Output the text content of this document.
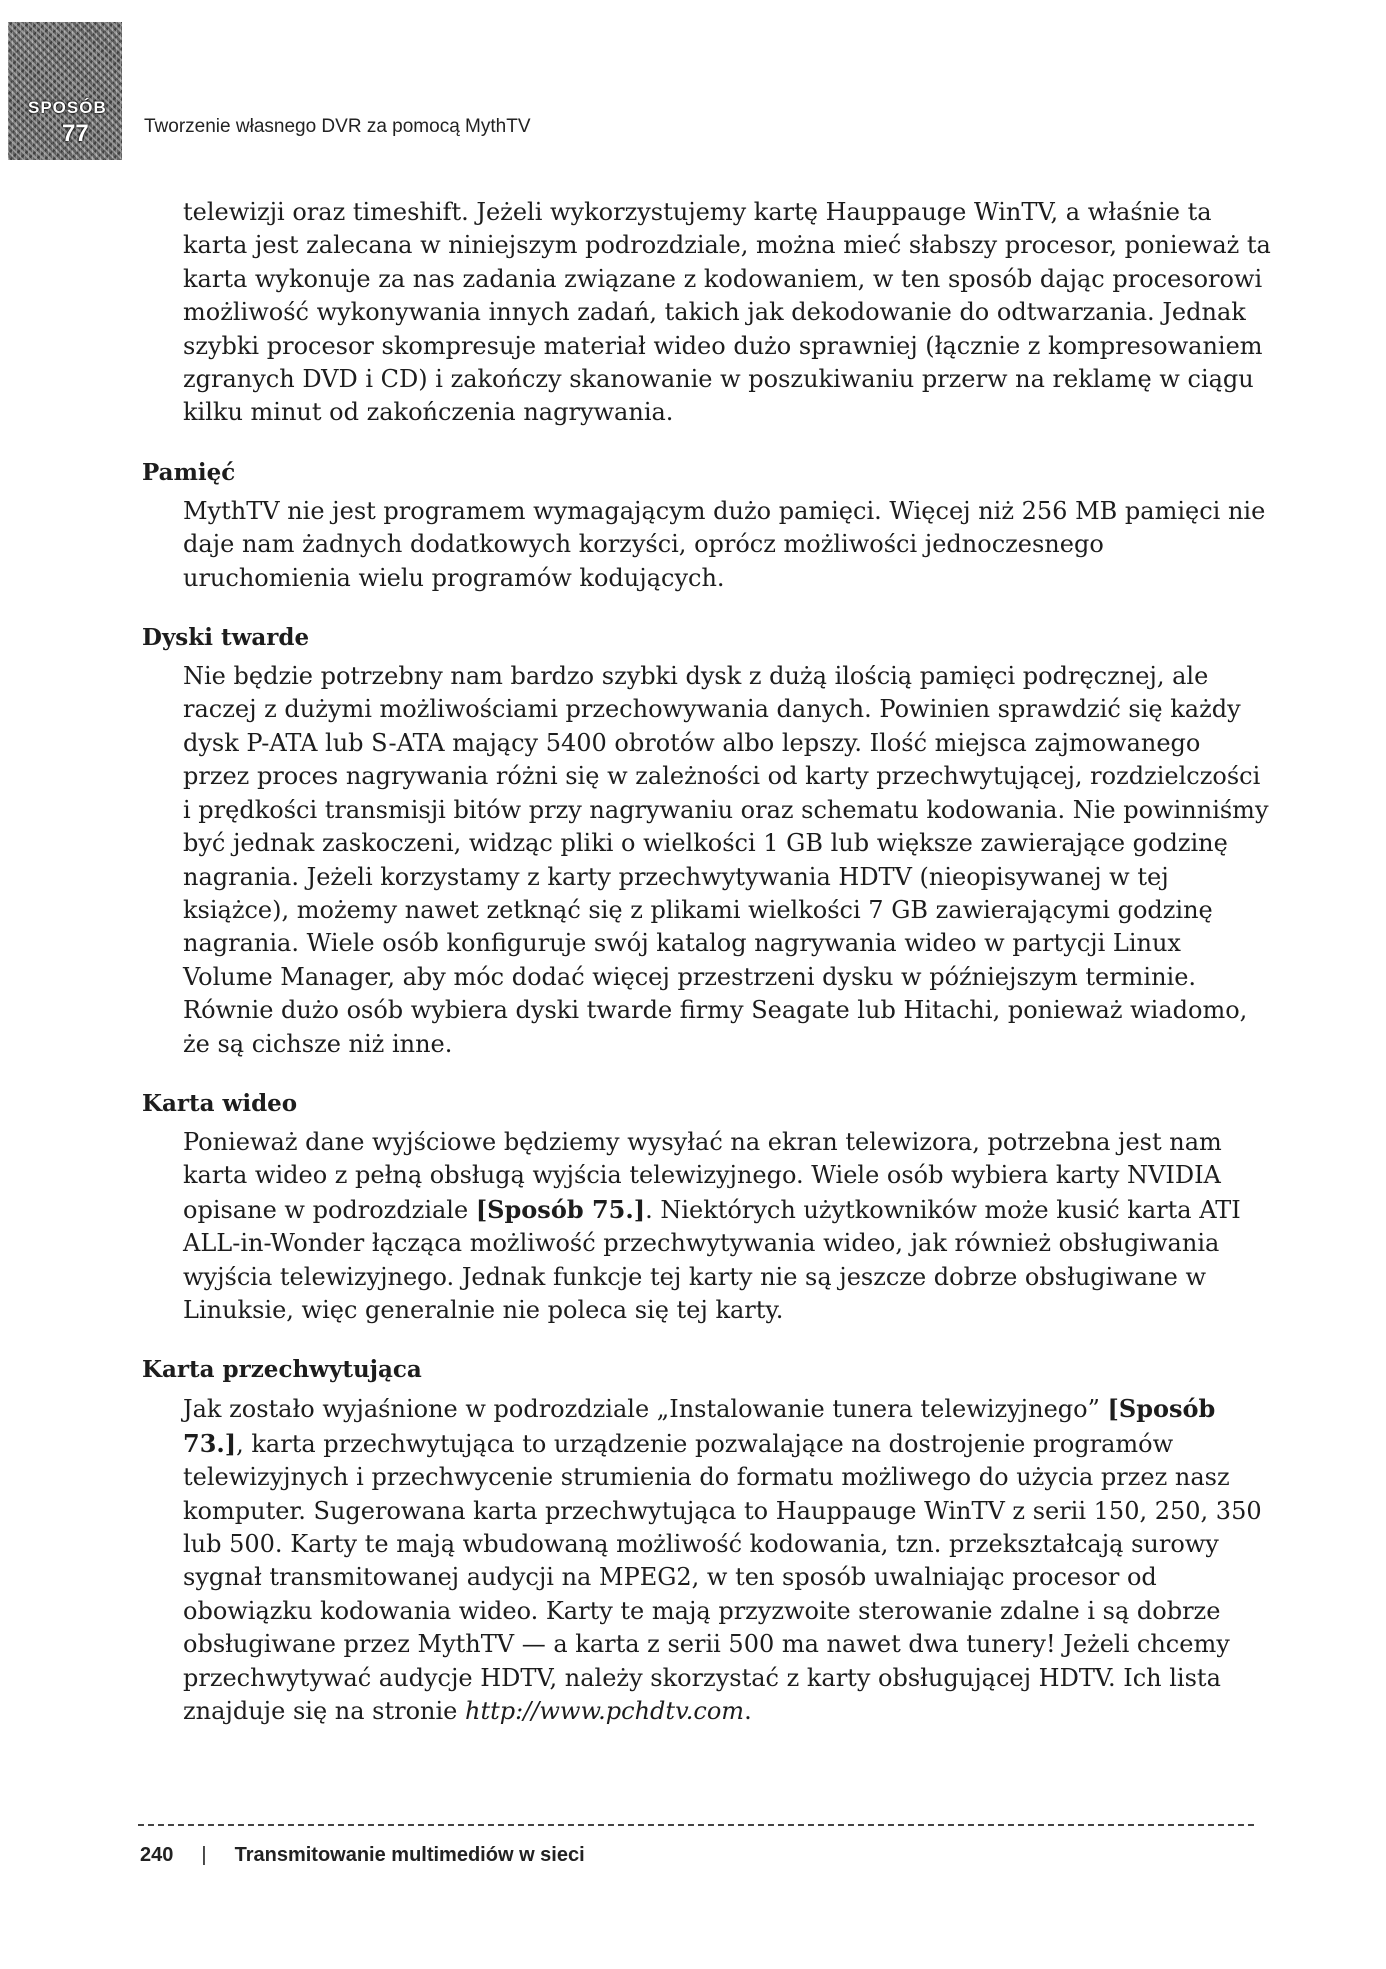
SPOSÓB
77	Tworzenie własnego DVR za pomocą MythTV

telewizji oraz timeshift. Jeżeli wykorzystujemy kartę Hauppauge WinTV, a właśnie ta karta jest zalecana w niniejszym podrozdziale, można mieć słabszy procesor, ponieważ ta karta wykonuje za nas zadania związane z kodowaniem, w ten sposób dając procesorowi możliwość wykonywania innych zadań, takich jak dekodowanie do odtwarzania. Jednak szybki procesor skompresuje materiał wideo dużo sprawniej (łącznie z kompresowaniem zgranych DVD i CD) i zakończy skanowanie w poszukiwaniu przerw na reklamę w ciągu kilku minut od zakończenia nagrywania.

Pamięć

MythTV nie jest programem wymagającym dużo pamięci. Więcej niż 256 MB pamięci nie daje nam żadnych dodatkowych korzyści, oprócz możliwości jednoczesnego uruchomienia wielu programów kodujących.

Dyski twarde

Nie będzie potrzebny nam bardzo szybki dysk z dużą ilością pamięci podręcznej, ale raczej z dużymi możliwościami przechowywania danych. Powinien sprawdzić się każdy dysk P-ATA lub S-ATA mający 5400 obrotów albo lepszy. Ilość miejsca zajmowanego przez proces nagrywania różni się w zależności od karty przechwytującej, rozdzielczości i prędkości transmisji bitów przy nagrywaniu oraz schematu kodowania. Nie powinniśmy być jednak zaskoczeni, widząc pliki o wielkości 1 GB lub większe zawierające godzinę nagrania. Jeżeli korzystamy z karty przechwytywania HDTV (nieopisywanej w tej książce), możemy nawet zetknąć się z plikami wielkości 7 GB zawierającymi godzinę nagrania. Wiele osób konfiguruje swój katalog nagrywania wideo w partycji Linux Volume Manager, aby móc dodać więcej przestrzeni dysku w późniejszym terminie. Równie dużo osób wybiera dyski twarde firmy Seagate lub Hitachi, ponieważ wiadomo, że są cichsze niż inne.

Karta wideo

Ponieważ dane wyjściowe będziemy wysyłać na ekran telewizora, potrzebna jest nam karta wideo z pełną obsługą wyjścia telewizyjnego. Wiele osób wybiera karty NVIDIA opisane w podrozdziale [Sposób 75.]. Niektórych użytkowników może kusić karta ATI ALL-in-Wonder łącząca możliwość przechwytywania wideo, jak również obsługiwania wyjścia telewizyjnego. Jednak funkcje tej karty nie są jeszcze dobrze obsługiwane w Linuksie, więc generalnie nie poleca się tej karty.

Karta przechwytująca

Jak zostało wyjaśnione w podrozdziale „Instalowanie tunera telewizyjnego” [Sposób 73.], karta przechwytująca to urządzenie pozwalające na dostrojenie programów telewizyjnych i przechwycenie strumienia do formatu możliwego do użycia przez nasz komputer. Sugerowana karta przechwytująca to Hauppauge WinTV z serii 150, 250, 350 lub 500. Karty te mają wbudowaną możliwość kodowania, tzn. przekształcają surowy sygnał transmitowanej audycji na MPEG2, w ten sposób uwalniając procesor od obowiązku kodowania wideo. Karty te mają przyzwoite sterowanie zdalne i są dobrze obsługiwane przez MythTV — a karta z serii 500 ma nawet dwa tunery! Jeżeli chcemy przechwytywać audycje HDTV, należy skorzystać z karty obsługującej HDTV. Ich lista znajduje się na stronie http://www.pchdtv.com.

240 | Transmitowanie multimediów w sieci
